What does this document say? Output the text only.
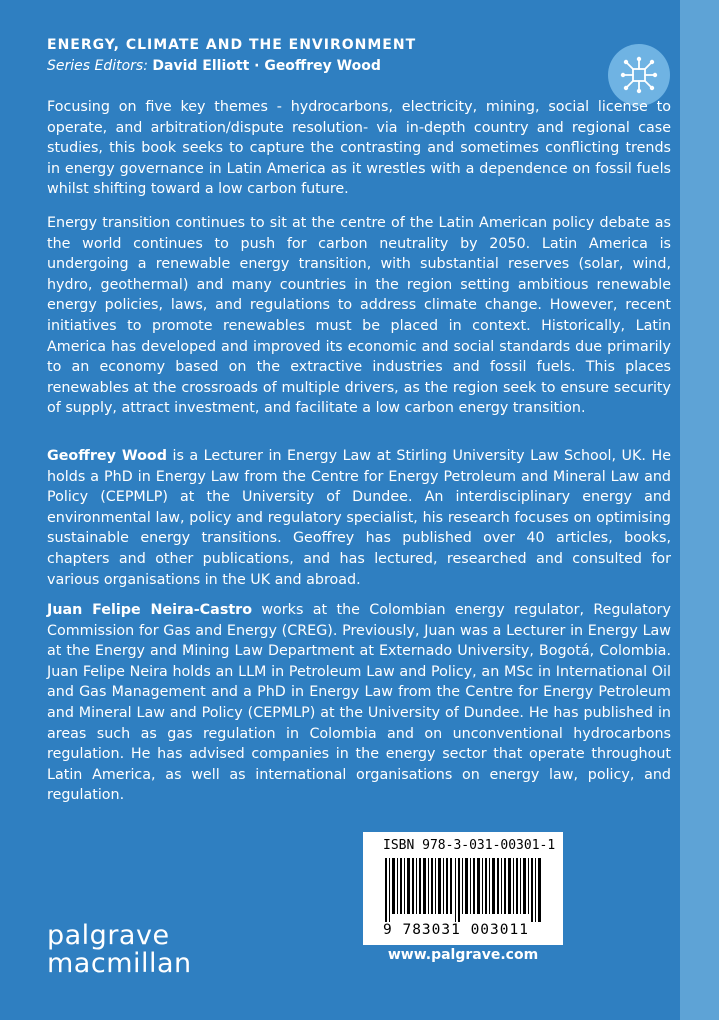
ENERGY, CLIMATE AND THE ENVIRONMENT
Series Editors: David Elliott · Geoffrey Wood

Focusing on five key themes - hydrocarbons, electricity, mining, social license to operate, and arbitration/dispute resolution- via in-depth country and regional case studies, this book seeks to capture the contrasting and sometimes conflicting trends in energy governance in Latin America as it wrestles with a dependence on fossil fuels whilst shifting toward a low carbon future.

Energy transition continues to sit at the centre of the Latin American policy debate as the world continues to push for carbon neutrality by 2050. Latin America is undergoing a renewable energy transition, with substantial reserves (solar, wind, hydro, geothermal) and many countries in the region setting ambitious renewable energy policies, laws, and regulations to address climate change. However, recent initiatives to promote renewables must be placed in context. Historically, Latin America has developed and improved its economic and social standards due primarily to an economy based on the extractive industries and fossil fuels. This places renewables at the crossroads of multiple drivers, as the region seek to ensure security of supply, attract investment, and facilitate a low carbon energy transition.

Geoffrey Wood is a Lecturer in Energy Law at Stirling University Law School, UK. He holds a PhD in Energy Law from the Centre for Energy Petroleum and Mineral Law and Policy (CEPMLP) at the University of Dundee. An interdisciplinary energy and environmental law, policy and regulatory specialist, his research focuses on optimising sustainable energy transitions. Geoffrey has published over 40 articles, books, chapters and other publications, and has lectured, researched and consulted for various organisations in the UK and abroad.

Juan Felipe Neira-Castro works at the Colombian energy regulator, Regulatory Commission for Gas and Energy (CREG). Previously, Juan was a Lecturer in Energy Law at the Energy and Mining Law Department at Externado University, Bogotá, Colombia. Juan Felipe Neira holds an LLM in Petroleum Law and Policy, an MSc in International Oil and Gas Management and a PhD in Energy Law from the Centre for Energy Petroleum and Mineral Law and Policy (CEPMLP) at the University of Dundee. He has published in areas such as gas regulation in Colombia and on unconventional hydrocarbons regulation. He has advised companies in the energy sector that operate throughout Latin America, as well as international organisations on energy law, policy, and regulation.

ISBN 978-3-031-00301-1
9 783031 003011
www.palgrave.com
palgrave
macmillan
